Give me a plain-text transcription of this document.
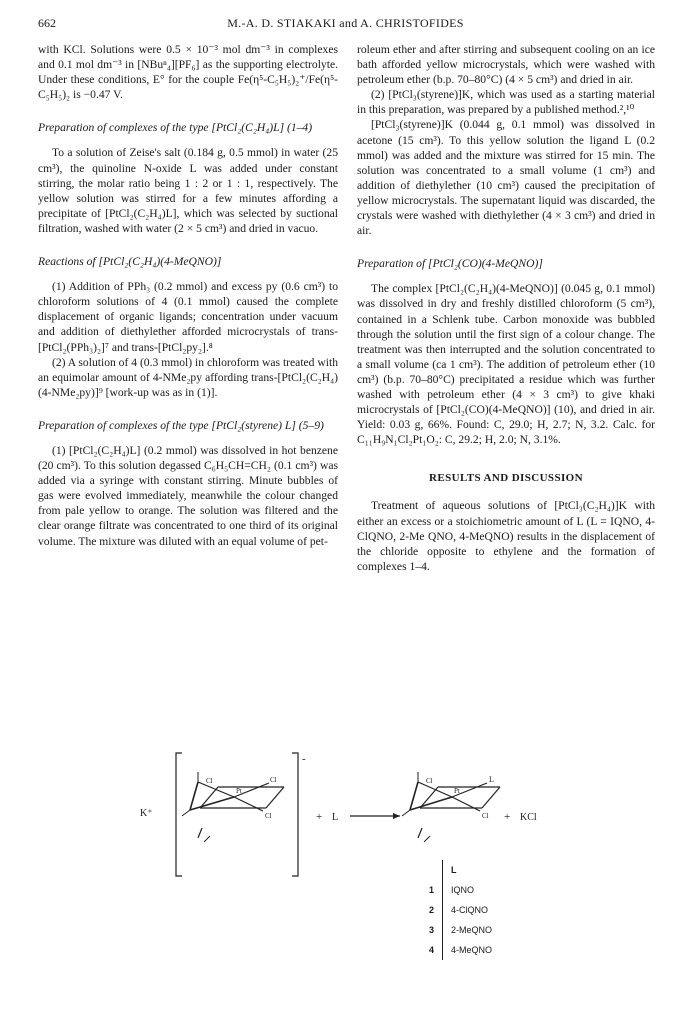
662	M.-A. D. STIAKAKI and A. CHRISTOFIDES

with KCl. Solutions were 0.5 × 10⁻³ mol dm⁻³ in complexes and 0.1 mol dm⁻³ in [NBuⁿ₄][PF₆] as the supporting electrolyte. Under these conditions, E° for the couple Fe(η⁵-C₅H₅)₂⁺/Fe(η⁵-C₅H₅)₂ is −0.47 V.

Preparation of complexes of the type [PtCl₂(C₂H₄)L] (1–4)

To a solution of Zeise's salt (0.184 g, 0.5 mmol) in water (25 cm³), the quinoline N-oxide L was added under constant stirring, the molar ratio being 1 : 2 or 1 : 1, respectively. The yellow solution was stirred for a few minutes affording a precipitate of [PtCl₂(C₂H₄)L], which was selected by suctional filtration, washed with water (2 × 5 cm³) and dried in vacuo.

Reactions of [PtCl₂(C₂H₄)(4-MeQNO)]

(1) Addition of PPh₃ (0.2 mmol) and excess py (0.6 cm³) to chloroform solutions of 4 (0.1 mmol) caused the complete displacement of organic ligands; concentration under vacuum and addition of diethylether afforded microcrystals of trans-[PtCl₂(PPh₃)₂]⁷ and trans-[PtCl₂py₂].⁸

(2) A solution of 4 (0.3 mmol) in chloroform was treated with an equimolar amount of 4-NMe₂py affording trans-[PtCl₂(C₂H₄)(4-NMe₂py)]⁹ [work-up was as in (1)].

Preparation of complexes of the type [PtCl₂(styrene) L] (5–9)

(1) [PtCl₂(C₂H₄)L] (0.2 mmol) was dissolved in hot benzene (20 cm³). To this solution degassed C₆H₅CH=CH₂ (0.1 cm³) was added via a syringe with constant stirring. Minute bubbles of gas were evolved immediately, meanwhile the colour changed from pale yellow to orange. The solution was filtered and the clear orange filtrate was concentrated to one third of its original volume. The mixture was diluted with an equal volume of pet-

roleum ether and after stirring and subsequent cooling on an ice bath afforded yellow microcrystals, which were washed with petroleum ether (b.p. 70–80°C) (4 × 5 cm³) and dried in air.

(2) [PtCl₃(styrene)]K, which was used as a starting material in this preparation, was prepared by a published method.²,¹⁰

[PtCl₃(styrene)]K (0.044 g, 0.1 mmol) was dissolved in acetone (15 cm³). To this yellow solution the ligand L (0.2 mmol) was added and the mixture was stirred for 15 min. The solution was concentrated to a small volume (1 cm³) and addition of diethylether (10 cm³) caused the precipitation of yellow microcrystals. The supernatant liquid was discarded, the crystals were washed with diethylether (4 × 3 cm³) and dried in air.

Preparation of [PtCl₂(CO)(4-MeQNO)]

The complex [PtCl₂(C₂H₄)(4-MeQNO)] (0.045 g, 0.1 mmol) was dissolved in dry and freshly distilled chloroform (5 cm³), contained in a Schlenk tube. Carbon monoxide was bubbled through the solution until the first sign of a colour change. The treatment was then interrupted and the solution concentrated to a small volume (ca 1 cm³). The addition of petroleum ether (10 cm³) (b.p. 70–80°C) precipitated a residue which was further washed with petroleum ether (4 × 3 cm³) to give khaki microcrystals of [PtCl₂(CO)(4-MeQNO)] (10), and dried in air. Yield: 0.03 g, 66%. Found: C, 29.0; H, 2.7; N, 3.2. Calc. for C₁₁H₉N₁Cl₂Pt₁O₂: C, 29.2; H, 2.0; N, 3.1%.

RESULTS AND DISCUSSION

Treatment of aqueous solutions of [PtCl₃(C₂H₄)]K with either an excess or a stoichiometric amount of L (L = IQNO, 4-ClQNO, 2-Me QNO, 4-MeQNO) results in the displacement of the chloride opposite to ethylene and the formation of complexes 1–4.

-
K⁺
Pt
Cl	Cl
Cl	+ L
Pt
Cl	L
Cl + KCl
L
1	IQNO
2	4-ClQNO
3	2-MeQNO
4	4-MeQNO
